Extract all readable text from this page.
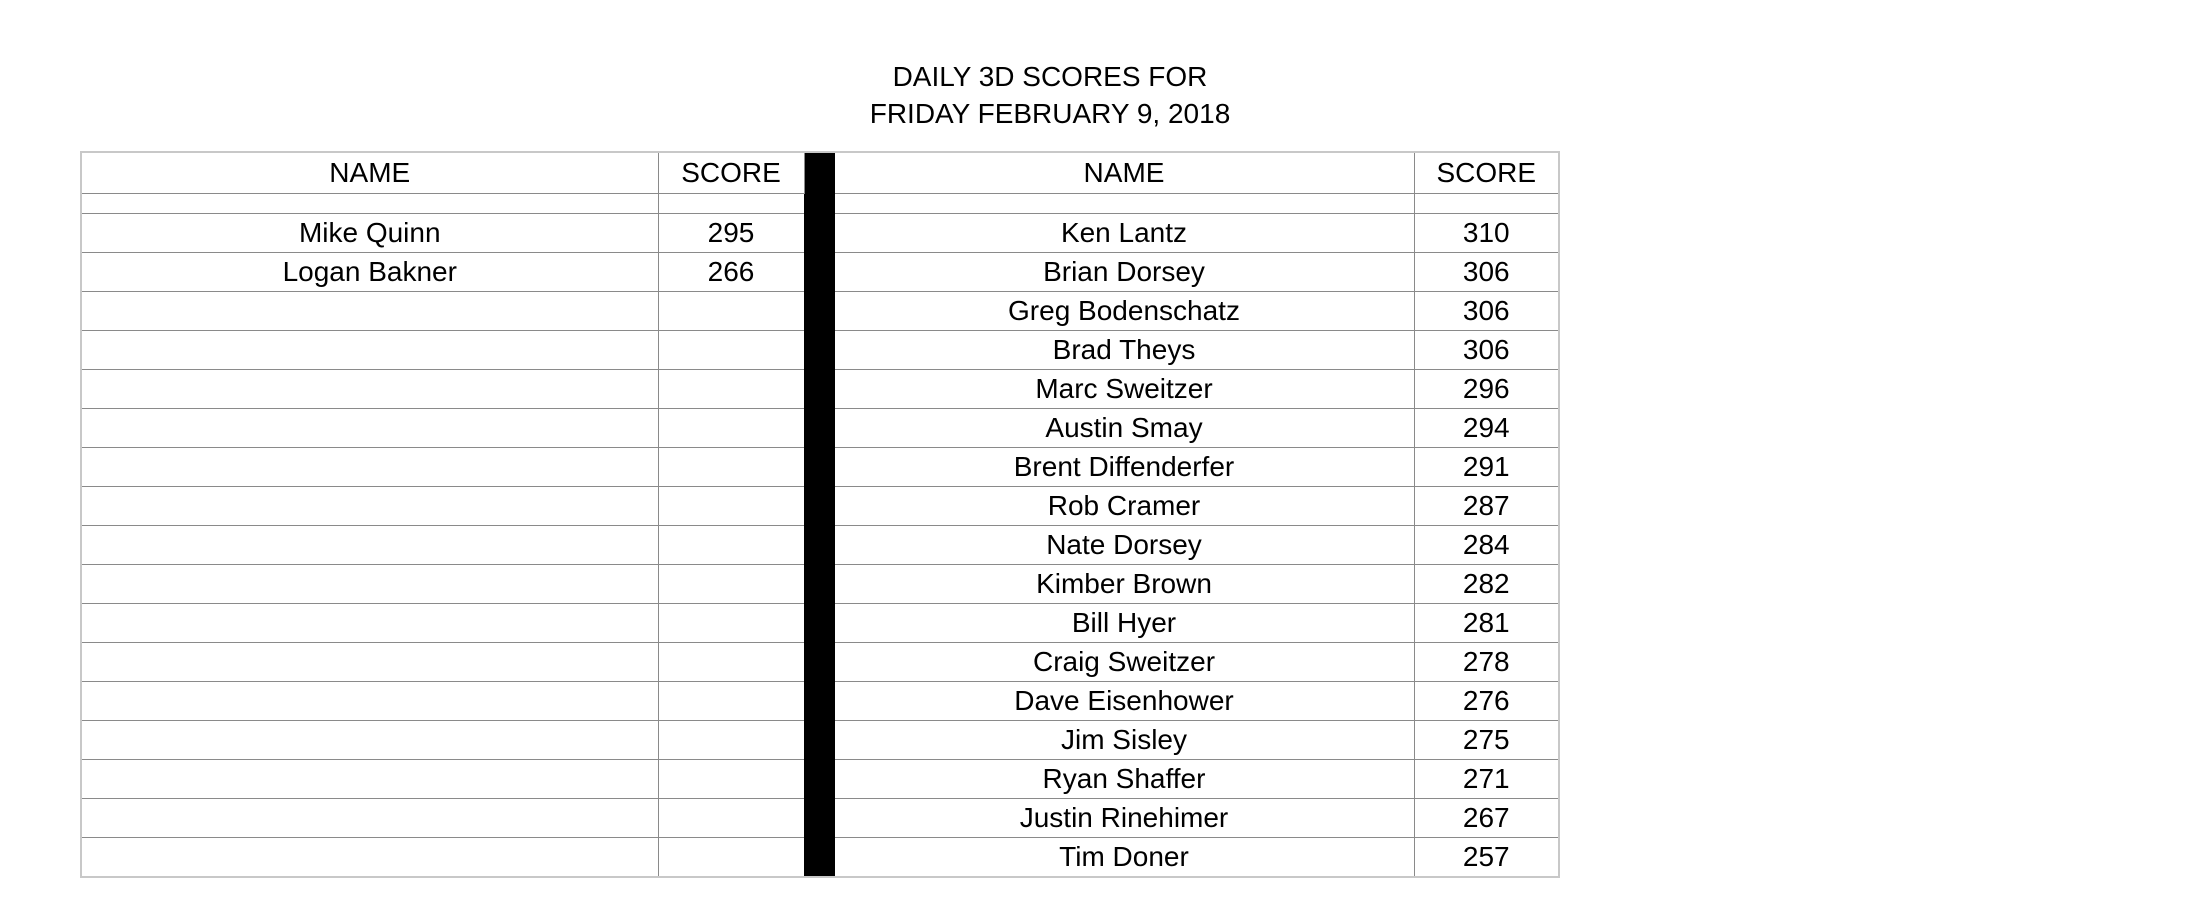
DAILY 3D SCORES FOR
FRIDAY FEBRUARY 9, 2018
NAME	SCORE		NAME	SCORE

Mike Quinn	295		Ken Lantz	310
Logan Bakner	266		Brian Dorsey	306
			Greg Bodenschatz	306
			Brad Theys	306
			Marc Sweitzer	296
			Austin Smay	294
			Brent Diffenderfer	291
			Rob Cramer	287
			Nate Dorsey	284
			Kimber Brown	282
			Bill Hyer	281
			Craig Sweitzer	278
			Dave Eisenhower	276
			Jim Sisley	275
			Ryan Shaffer	271
			Justin Rinehimer	267
			Tim Doner	257
